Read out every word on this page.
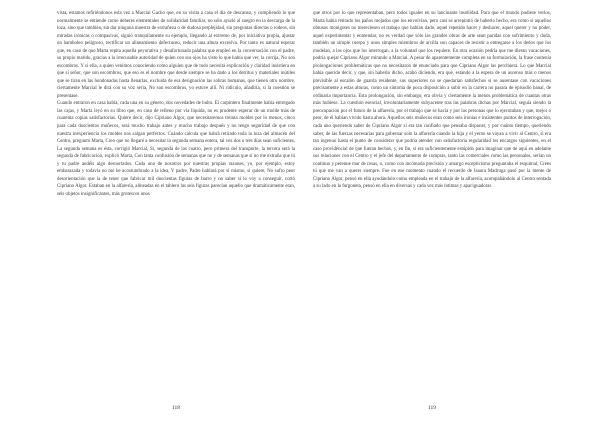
vista, estamos refiriéndonos esta vez a Marcial Gacho que, en su visita a casa el día de descanso, y cumpliendo lo que normalmente se entiende como deberes elementales de solidaridad familiar, no sólo ayudó al suegro en la descarga de la loza, sino que también, sin dar ninguna muestra de extrañeza o de dudosa perplejidad, sin preguntas directas o rodeos, sin miradas irónicas o compasivas, siguió tranquilamente su ejemplo, llegando al extremo de, por iniciativa propia, ajustar un bamboleo peligroso, rectificar un alineamiento defectuoso, reducir una altura excesiva. Por tanto es natural esperar que, en caso de que Marta repita aquella peyorativa y desafortunada palabra que empleó en la conversación con el padre, su propio marido, gracias a la irrecusable autoridad de quien con sus ojos ha visto lo que había que ver, la corrija, No son escombros. Y si ella, a quien venimos conociendo como alguien que de todo necesita explicación y claridad insistiera en que sí señor, que son escombros, que eso es el nombre que desde siempre se ha dado a los detritus y materiales inútiles que se tiran en las hondonadas hasta llenarlas, excluida de esa designación las sobras humanas, que tienen otro nombre, ciertamente Marcial le dirá con su voz seria, No son escombros, yo estuve allí. Ni ridículo, añadiría, si la cuestión se presentase.

Cuando entraron en casa había, cada una en su género, dos novedades de bulto. El carpintero finalmente había entregado las cajas, y Marta leyó en su libro que, en caso de relleno por vía líquida, no es prudente esperar de un molde más de cuarenta copias satisfactorias. Quiere decir, dijo Cipriano Algor, que necesitaremos treinta moldes por lo menos, cinco para cada doscientos muñecos, será mucho trabajo antes y mucho trabajo después y no tengo seguridad de que con nuestra inexperiencia los moldes nos salgan perfectos. Cuándo calcula que habrá retirado toda la loza del almacén del Centro, preguntó Marta, Creo que no llegaré a necesitar la segunda semana entera, tal vez dos o tres días sean suficientes, La segunda semana es ésta, corrigió Marcial, Sí, segunda de las cuatro, pero primera del transporte, la tercera será la segunda de fabricación, explicó Marta, Con tanta confusión de semanas que no y de semanas que sí no me extraña que tú y tu padre andéis algo desnortados. Cada uno de nosotros por nuestras propias razones, yo, por ejemplo, estoy embarazada y todavía no me he acostumbrado a la idea, Y padre, Padre hablará por sí mismo, si quiere, No sufro peor desorientación que la de tener que fabricar mil doscientas figuras de barro y no saber si lo voy a conseguir, cortó Cipriano Algor. Estaban en la alfarería, alineadas en el tablero las seis figuras parecían aquello que dramáticamente eran, seis objetos insignificantes, más grotescos unos

118

que otros por lo que representaban, pero todos iguales en su lancinante inutilidad. Para que el mundo pudiese verlos, Marta había retirado los paños mojados que los envolvían, pero casi se arrepintió de haberlo hecho, era como si aquellos obtusos monigotes no mereciesen el trabajo que habían dado, aquel repetido hacer y deshacer, aquel querer y no poder, aquel experimentar y enmendar, no es verdad que sólo las grandes obras de arte sean paridas con sufrimiento y duda, también un simple cuerpo y unos simples miembros de arcilla son capaces de resistir a entregarse a los dedos que los modelan, a los ojos que los interrogan, a la voluntad que los requiere. En otra ocasión pedría que me dieran vacaciones, podría quejar Cipriano Algor mirando a Marcial. A pesar de aparentemente completa en su formulación, la frase contenía prolongaciones problemáticas que no necesitaron de enunciado para que Cipriano Algor las percibiera. Lo que Marcial había querido decir, y que, sin haberlo dicho, acabó diciendo, era que, estando a la espera de un ascenso más o menos previsible al escalón de guarda residente, sus superiores no se quedarían satisfechos si se ausentase con vacaciones precisamente a estas alturas, como un síntoma de poca disposición a subir en la carrera no pasara de episodio banal, de ordinaria importancia. Esta prolongación, sin embargo, era obvia y ciertamente la menos problemática de cuantas otras más hubiese. La cuestión esencial, involuntariamente subyacente tras las palabras dichas por Marcial, seguía siendo la preocupación por el futuro de la alfarería, por el trabajo que se hacía y por las personas que lo ejecutaban y que, mejor o peor, de él habían vivido hasta ahora. Aquellos seis muñecos eran como seis ironías e insistentes puntos de interrogación, cada uno queriendo saber de Cipriano Algor si era tan confiado que pensaba disponer, y por cuánto tiempo, queriendo saber, de las fuerzas necesarias para gobernar solo la alfarería cuando la hija y el yerno se vayan a vivir al Centro, si era tan ingenuo hasta el punto de considerar que podría atender con satisfactoria regularidad los encargos siguientes, en el caso providencial de que fueran hechos, y, en fin, si era suficientemente estúpido para imaginar que de aquí en adelante sus relaciones con el Centro y el jefe del departamento de compras, tanto las comerciales como las personales, serían un continuo y perenne mar de rosas, o, como con incómoda precisión y amargo escepticismo preguntaba el esquimal, Crees tú que me van a querer siempre. Fue en ese momento cuando el recuerdo de Isaura Madruga pasó por la mente de Cipriano Algor, pensó en ella ayudándolo como empleada en el trabajo de la alfarería, acompañándolo al Centro sentada a su lado en la furgoneta, pensó en ella en diversas y cada vez más íntimas y apaciguadoras

119
